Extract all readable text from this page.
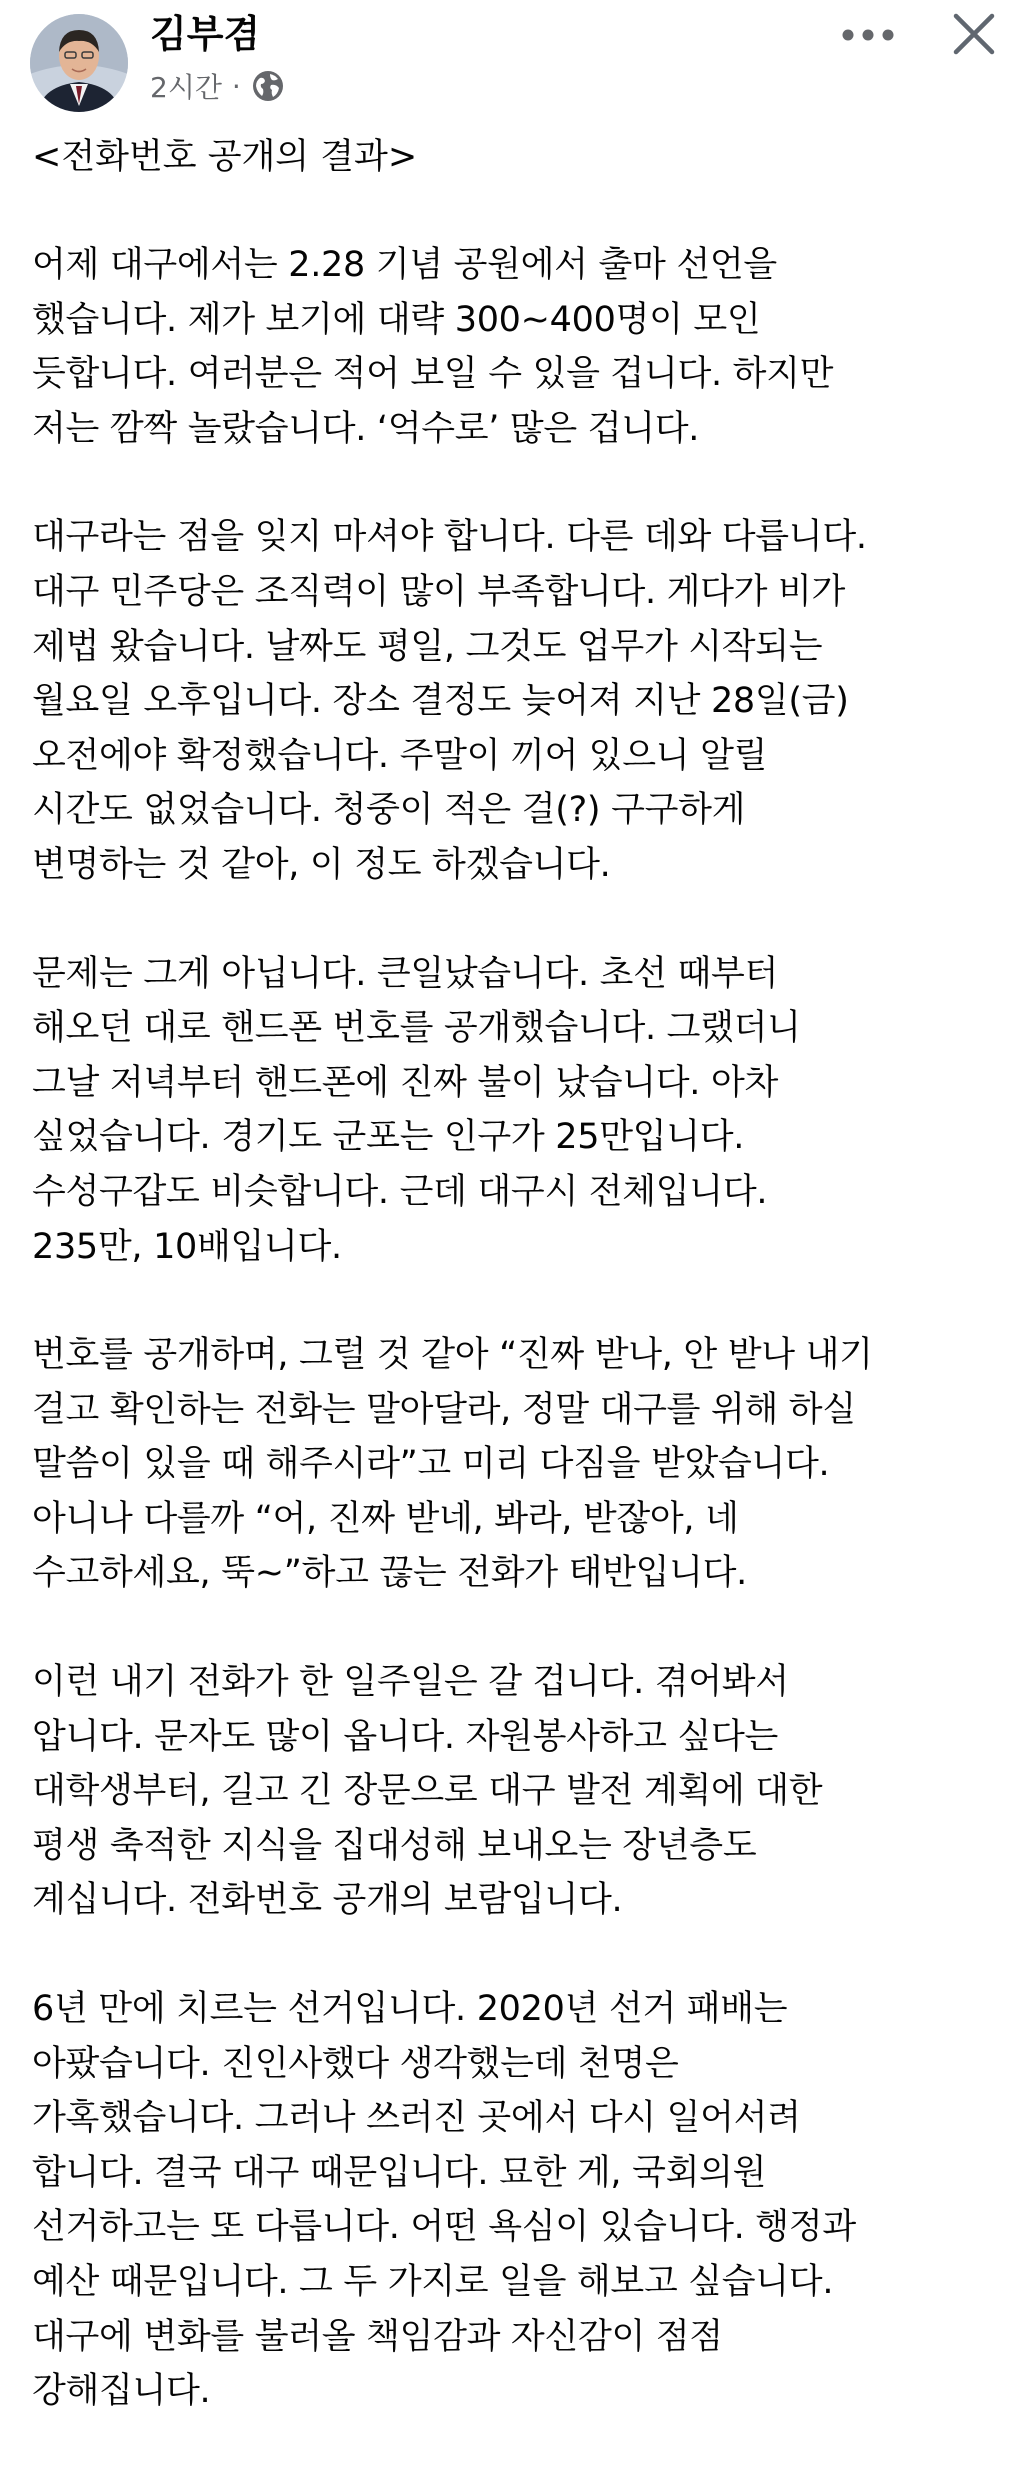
김부겸
2시간 ·
<전화번호 공개의 결과>
어제 대구에서는 2.28 기념 공원에서 출마 선언을
했습니다. 제가 보기에 대략 300~400명이 모인
듯합니다. 여러분은 적어 보일 수 있을 겁니다. 하지만
저는 깜짝 놀랐습니다. ‘억수로’ 많은 겁니다.
대구라는 점을 잊지 마셔야 합니다. 다른 데와 다릅니다.
대구 민주당은 조직력이 많이 부족합니다. 게다가 비가
제법 왔습니다. 날짜도 평일, 그것도 업무가 시작되는
월요일 오후입니다. 장소 결정도 늦어져 지난 28일(금)
오전에야 확정했습니다. 주말이 끼어 있으니 알릴
시간도 없었습니다. 청중이 적은 걸(?) 구구하게
변명하는 것 같아, 이 정도 하겠습니다.
문제는 그게 아닙니다. 큰일났습니다. 초선 때부터
해오던 대로 핸드폰 번호를 공개했습니다. 그랬더니
그날 저녁부터 핸드폰에 진짜 불이 났습니다. 아차
싶었습니다. 경기도 군포는 인구가 25만입니다.
수성구갑도 비슷합니다. 근데 대구시 전체입니다.
235만, 10배입니다.
번호를 공개하며, 그럴 것 같아 “진짜 받나, 안 받나 내기
걸고 확인하는 전화는 말아달라, 정말 대구를 위해 하실
말씀이 있을 때 해주시라”고 미리 다짐을 받았습니다.
아니나 다를까 “어, 진짜 받네, 봐라, 받잖아, 네
수고하세요, 뚝~”하고 끊는 전화가 태반입니다.
이런 내기 전화가 한 일주일은 갈 겁니다. 겪어봐서
압니다. 문자도 많이 옵니다. 자원봉사하고 싶다는
대학생부터, 길고 긴 장문으로 대구 발전 계획에 대한
평생 축적한 지식을 집대성해 보내오는 장년층도
계십니다. 전화번호 공개의 보람입니다.
6년 만에 치르는 선거입니다. 2020년 선거 패배는
아팠습니다. 진인사했다 생각했는데 천명은
가혹했습니다. 그러나 쓰러진 곳에서 다시 일어서려
합니다. 결국 대구 때문입니다. 묘한 게, 국회의원
선거하고는 또 다릅니다. 어떤 욕심이 있습니다. 행정과
예산 때문입니다. 그 두 가지로 일을 해보고 싶습니다.
대구에 변화를 불러올 책임감과 자신감이 점점
강해집니다.
